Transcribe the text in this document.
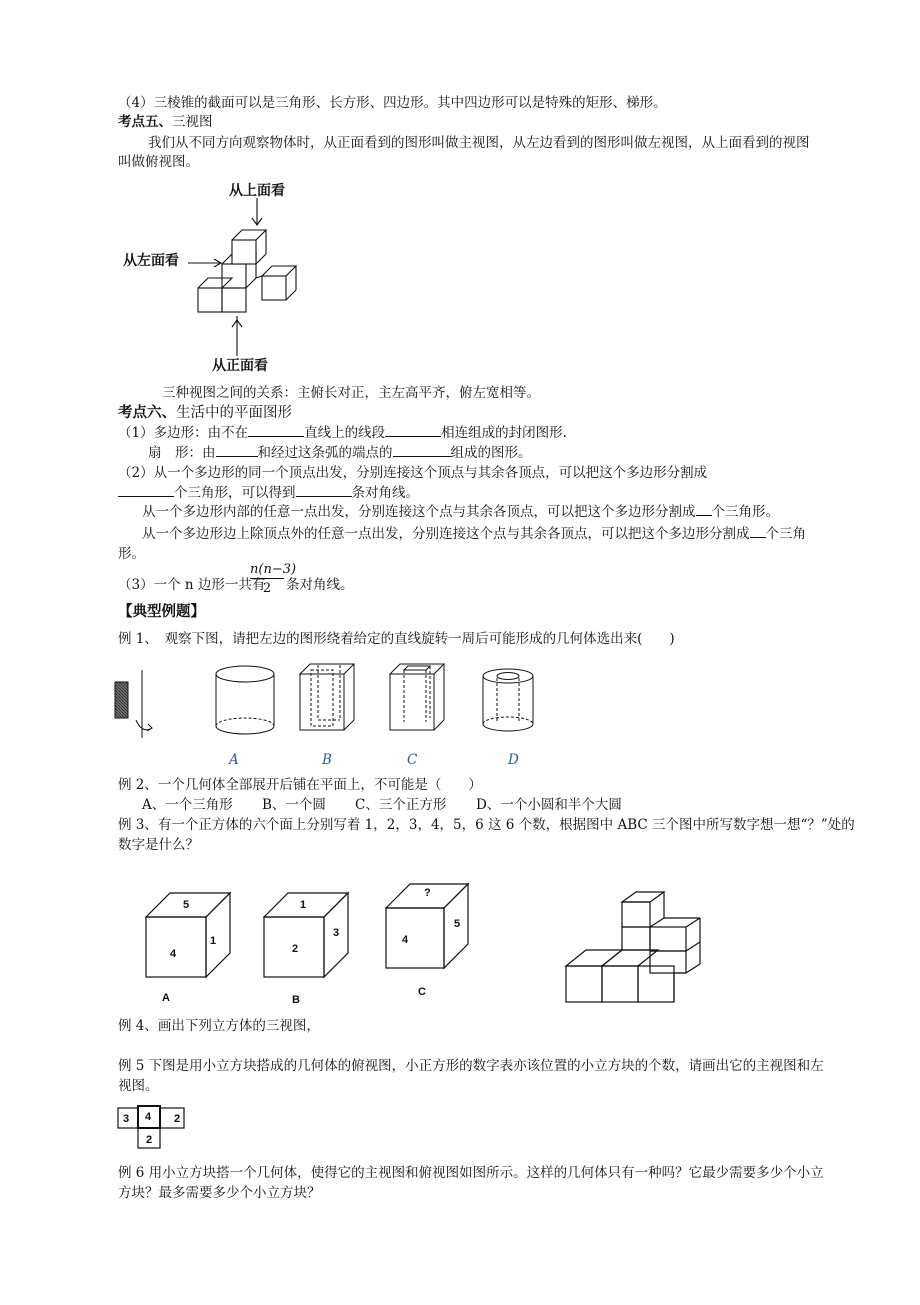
（4）三棱锥的截面可以是三角形、长方形、四边形。其中四边形可以是特殊的矩形、梯形。
考点五、三视图
我们从不同方向观察物体时，从正面看到的图形叫做主视图，从左边看到的图形叫做左视图，从上面看到的视图
叫做俯视图。
从上面看
从左面看
从正面看
三种视图之间的关系：主俯长对正，主左高平齐，俯左宽相等。
考点六、生活中的平面图形
（1）多边形：由不在	直线上的线段	相连组成的封闭图形.
扇　形：由	和经过这条弧的端点的	组成的图形。
（2）从一个多边形的同一个顶点出发，分别连接这个顶点与其余各顶点，可以把这个多边形分割成
个三角形，可以得到	条对角线。
从一个多边形内部的任意一点出发，分别连接这个点与其余各顶点，可以把这个多边形分割成 个三角形。
从一个多边形边上除顶点外的任意一点出发，分别连接这个点与其余各顶点，可以把这个多边形分割成 个三角
形。
（3）一个 n 边形一共有
n(n−3)
2	条对角线。
【典型例题】
例 1、　观察下图，请把左边的图形绕着给定的直线旋转一周后可能形成的几何体选出来(　　)
A	B	C	D
例 2、一个几何体全部展开后铺在平面上，不可能是（　　）
A、一个三角形 B、一个圆 C、三个正方形 D、一个小圆和半个大圆
例 3、有一个正方体的六个面上分别写着 1，2，3，4，5，6 这 6 个数，根据图中 ABC 三个图中所写数字想一想“？”处的
数字是什么？
5
4
1
A
1
2
3
B
?
4
5
C
例 4、画出下列立方体的三视图，
例 5 下图是用小立方块搭成的几何体的俯视图，小正方形的数字表亦该位置的小立方块的个数，请画出它的主视图和左
视图。
3 4 2
2
例 6 用小立方块搭一个几何体，使得它的主视图和俯视图如图所示。这样的几何体只有一种吗？它最少需要多少个小立
方块？最多需要多少个小立方块？
